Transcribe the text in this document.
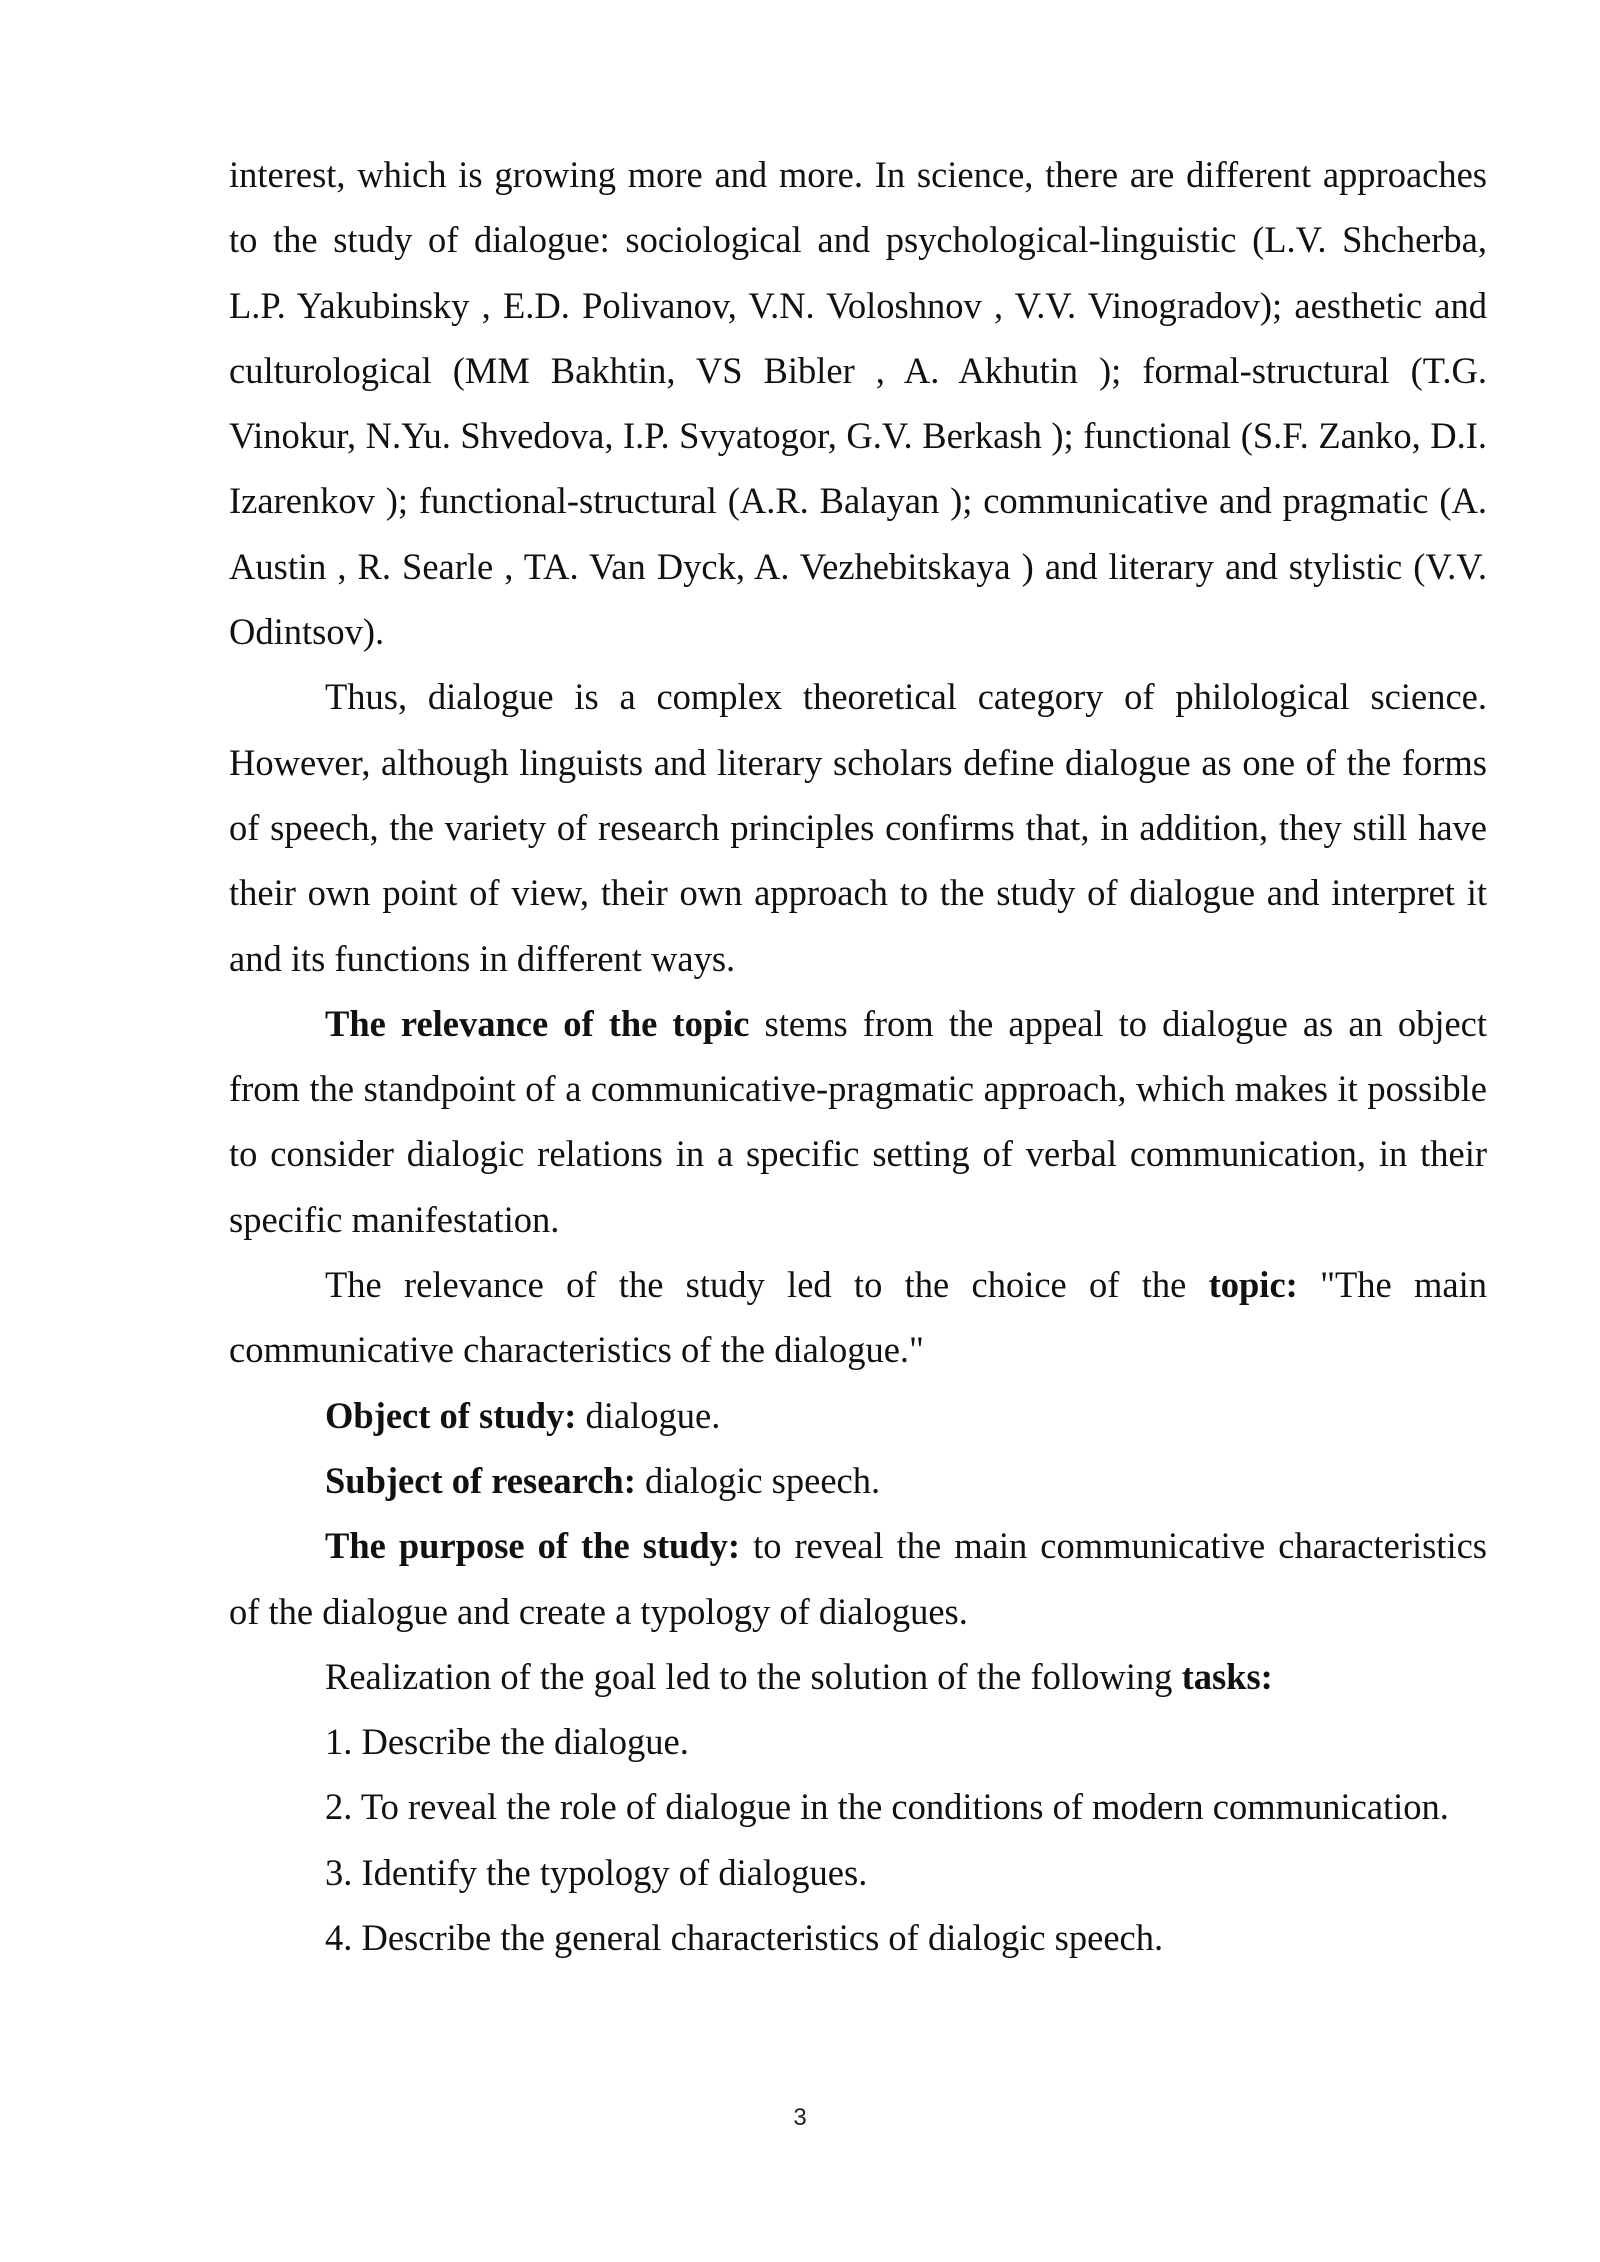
interest, which is growing more and more. In science, there are different approaches to the study of dialogue: sociological and psychological-linguistic (L.V. Shcherba, L.P. Yakubinsky , E.D. Polivanov, V.N. Voloshnov , V.V. Vinogradov); aesthetic and culturological (MM Bakhtin, VS Bibler , A. Akhutin ); formal-structural (T.G. Vinokur, N.Yu. Shvedova, I.P. Svyatogor, G.V. Berkash ); functional (S.F. Zanko, D.I. Izarenkov ); functional-structural (A.R. Balayan ); communicative and pragmatic (A. Austin , R. Searle , TA. Van Dyck, A. Vezhebitskaya ) and literary and stylistic (V.V. Odintsov).

Thus, dialogue is a complex theoretical category of philological science. However, although linguists and literary scholars define dialogue as one of the forms of speech, the variety of research principles confirms that, in addition, they still have their own point of view, their own approach to the study of dialogue and interpret it and its functions in different ways.

The relevance of the topic stems from the appeal to dialogue as an object from the standpoint of a communicative-pragmatic approach, which makes it possible to consider dialogic relations in a specific setting of verbal communication, in their specific manifestation.

The relevance of the study led to the choice of the topic: "The main communicative characteristics of the dialogue."

Object of study: dialogue.

Subject of research: dialogic speech.

The purpose of the study: to reveal the main communicative characteristics of the dialogue and create a typology of dialogues.

Realization of the goal led to the solution of the following tasks:

1. Describe the dialogue.

2. To reveal the role of dialogue in the conditions of modern communication.

3. Identify the typology of dialogues.

4. Describe the general characteristics of dialogic speech.

3
